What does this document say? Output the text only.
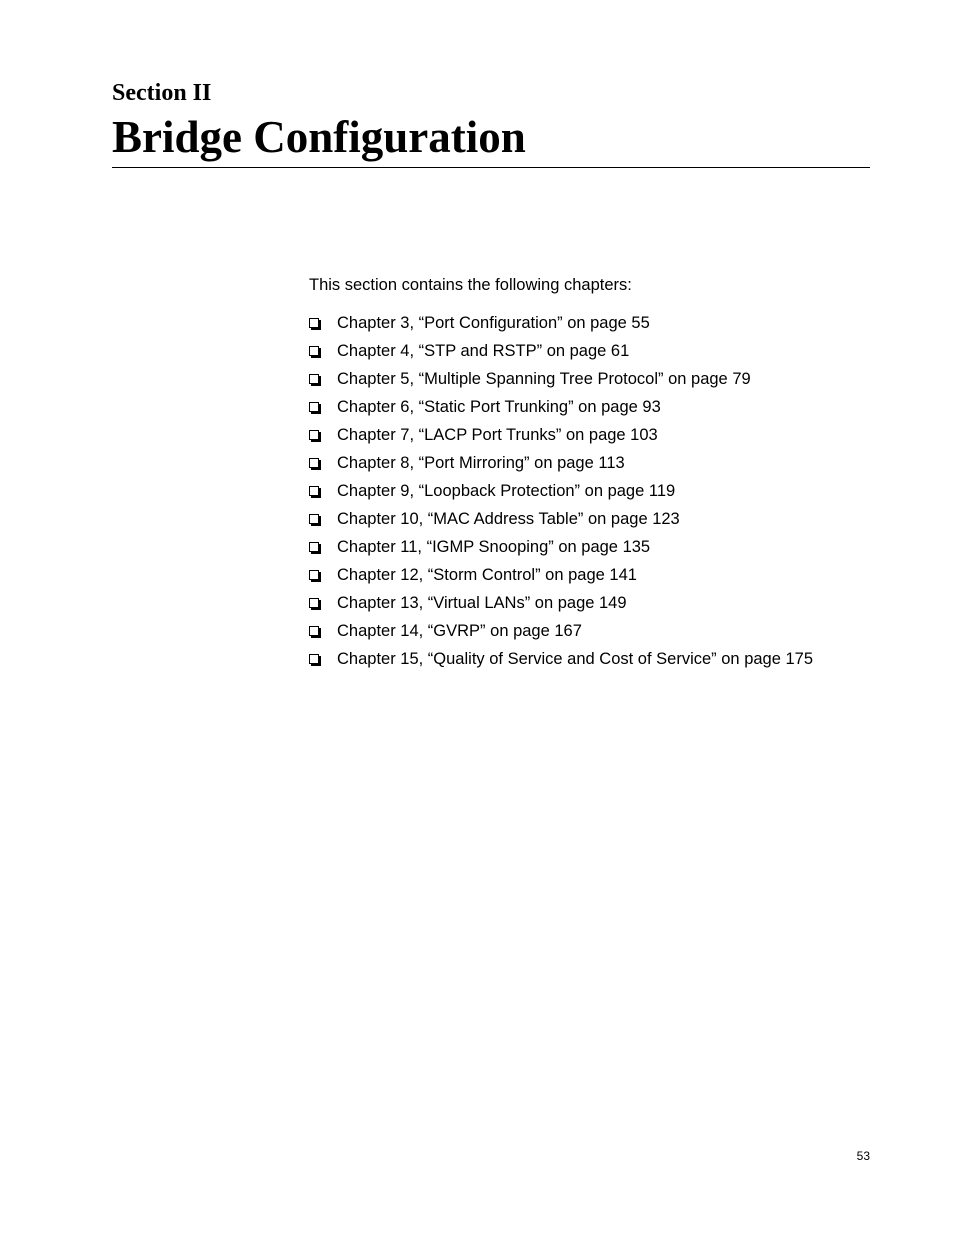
Section II
Bridge Configuration

This section contains the following chapters:

Chapter 3, “Port Configuration” on page 55
Chapter 4, “STP and RSTP” on page 61
Chapter 5, “Multiple Spanning Tree Protocol” on page 79
Chapter 6, “Static Port Trunking” on page 93
Chapter 7, “LACP Port Trunks” on page 103
Chapter 8, “Port Mirroring” on page 113
Chapter 9, “Loopback Protection” on page 119
Chapter 10, “MAC Address Table” on page 123
Chapter 11, “IGMP Snooping” on page 135
Chapter 12, “Storm Control” on page 141
Chapter 13, “Virtual LANs” on page 149
Chapter 14, “GVRP” on page 167
Chapter 15, “Quality of Service and Cost of Service” on page 175
53
